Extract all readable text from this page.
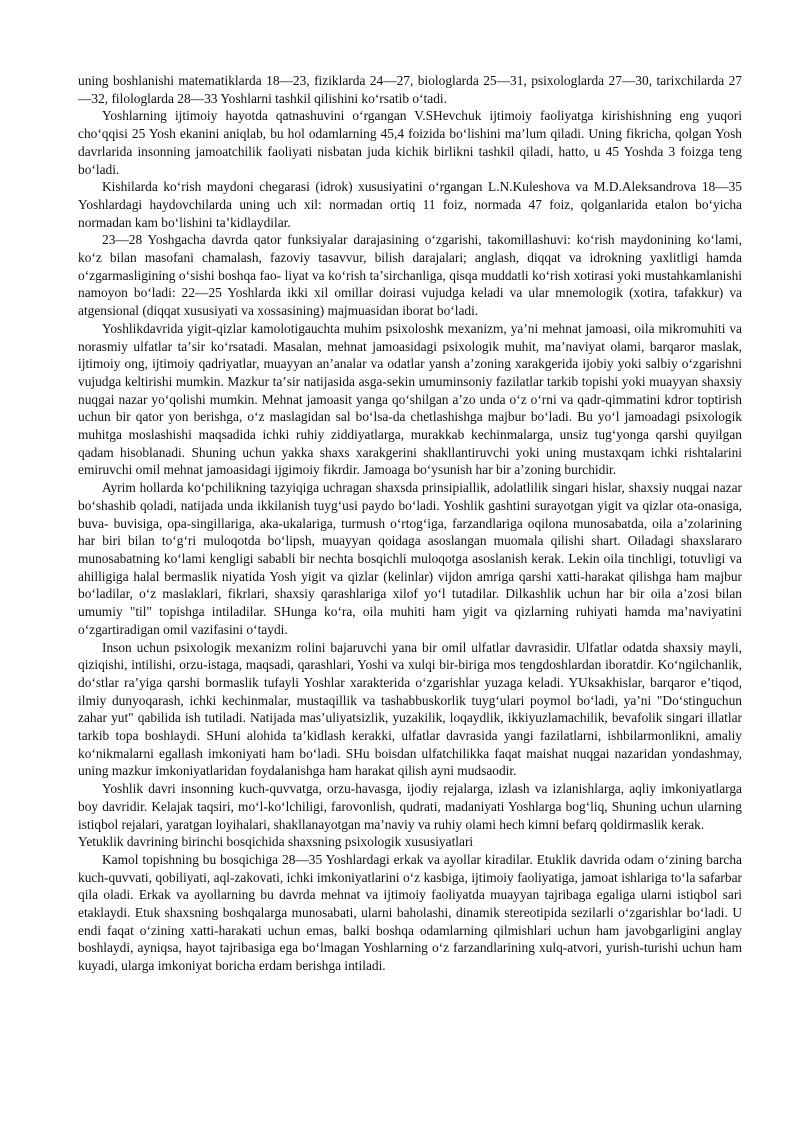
uning boshlanishi matematiklarda 18—23, fiziklarda 24—27, biologlarda 25—31, psixologlarda 27—30, tarixchilarda 27—32, filologlarda 28—33 Yoshlarni tashkil qilishini koʻrsatib oʻtadi.

Yoshlarning ijtimoiy hayotda qatnashuvini oʻrgangan V.SHevchuk ijtimoiy faoliyatga kirishishning eng yuqori choʻqqisi 25 Yosh ekanini aniqlab, bu hol odamlarning 45,4 foizida boʻlishini maʼlum qiladi. Uning fikricha, qolgan Yosh davrlarida insonning jamoatchilik faoliyati nisbatan juda kichik birlikni tashkil qiladi, hatto, u 45 Yoshda 3 foizga teng boʻladi.

Kishilarda koʻrish maydoni chegarasi (idrok) xususiyatini oʻrgangan L.N.Kuleshova va M.D.Aleksandrova 18—35 Yoshlardagi haydovchilarda uning uch xil: normadan ortiq 11 foiz, normada 47 foiz, qolganlarida etalon boʻyicha normadan kam boʻlishini taʼkidlaydilar.

23—28 Yoshgacha davrda qator funksiyalar darajasining oʻzgarishi, takomillashuvi: koʻrish maydonining koʻlami, koʻz bilan masofani chamalash, fazoviy tasavvur, bilish darajalari; anglash, diqqat va idrokning yaxlitligi hamda oʻzgarmasligining oʻsishi boshqa fao- liyat va koʻrish taʼsirchanliga, qisqa muddatli koʻrish xotirasi yoki mustahkamlanishi namoyon boʻladi: 22—25 Yoshlarda ikki xil omillar doirasi vujudga keladi va ular mnemologik (xotira, tafakkur) va atgensional (diqqat xususiyati va xossasining) majmuasidan iborat boʻladi.

Yoshlikdavrida yigit-qizlar kamolotigauchta muhim psixoloshk mexanizm, yaʼni mehnat jamoasi, oila mikromuhiti va norasmiy ulfatlar taʼsir koʻrsatadi. Masalan, mehnat jamoasidagi psixologik muhit, maʼnaviyat olami, barqaror maslak, ijtimoiy ong, ijtimoiy qadriyatlar, muayyan anʼanalar va odatlar yansh aʼzoning xarakgerida ijobiy yoki salbiy oʻzgarishni vujudga keltirishi mumkin. Mazkur taʼsir natijasida asga-sekin umuminsoniy fazilatlar tarkib topishi yoki muayyan shaxsiy nuqgai nazar yoʻqolishi mumkin. Mehnat jamoasit yanga qoʻshilgan aʼzo unda oʻz oʻrni va qadr-qimmatini kdror toptirish uchun bir qator yon berishga, oʻz maslagidan sal boʻlsa-da chetlashishga majbur boʻladi. Bu yoʻl jamoadagi psixologik muhitga moslashishi maqsadida ichki ruhiy ziddiyatlarga, murakkab kechinmalarga, unsiz tugʻyonga qarshi quyilgan qadam hisoblanadi. Shuning uchun yakka shaxs xarakgerini shakllantiruvchi yoki uning mustaxqam ichki rishtalarini emiruvchi omil mehnat jamoasidagi ijgimoiy fikrdir. Jamoaga boʻysunish har bir aʼzoning burchidir.

Ayrim hollarda koʻpchilikning tazyiqiga uchragan shaxsda prinsipiallik, adolatlilik singari hislar, shaxsiy nuqgai nazar boʻshashib qoladi, natijada unda ikkilanish tuygʻusi paydo boʻladi. Yoshlik gashtini surayotgan yigit va qizlar ota-onasiga, buva- buvisiga, opa-singillariga, aka-ukalariga, turmush oʻrtogʻiga, farzandlariga oqilona munosabatda, oila aʼzolarining har biri bilan toʻgʻri muloqotda boʻlipsh, muayyan qoidaga asoslangan muomala qilishi shart. Oiladagi shaxslararo munosabatning koʻlami kengligi sababli bir nechta bosqichli muloqotga asoslanish kerak. Lekin oila tinchligi, totuvligi va ahilligiga halal bermaslik niyatida Yosh yigit va qizlar (kelinlar) vijdon amriga qarshi xatti-harakat qilishga ham majbur boʻladilar, oʻz maslaklari, fikrlari, shaxsiy qarashlariga xilof yoʻl tutadilar. Dilkashlik uchun har bir oila aʼzosi bilan umumiy "til" topishga intiladilar. SHunga koʻra, oila muhiti ham yigit va qizlarning ruhiyati hamda maʼnaviyatini oʻzgartiradigan omil vazifasini oʻtaydi.

Inson uchun psixologik mexanizm rolini bajaruvchi yana bir omil ulfatlar davrasidir. Ulfatlar odatda shaxsiy mayli, qiziqishi, intilishi, orzu-istaga, maqsadi, qarashlari, Yoshi va xulqi bir-biriga mos tengdoshlardan iboratdir. Koʻngilchanlik, doʻstlar raʼyiga qarshi bormaslik tufayli Yoshlar xarakterida oʻzgarishlar yuzaga keladi. YUksakhislar, barqaror eʼtiqod, ilmiy dunyoqarash, ichki kechinmalar, mustaqillik va tashabbuskorlik tuygʻulari poymol boʻladi, yaʼni "Doʻstinguchun zahar yut" qabilida ish tutiladi. Natijada masʼuliyatsizlik, yuzakilik, loqaydlik, ikkiyuzlamachilik, bevafolik singari illatlar tarkib topa boshlaydi. SHuni alohida taʼkidlash kerakki, ulfatlar davrasida yangi fazilatlarni, ishbilarmonlikni, amaliy koʻnikmalarni egallash imkoniyati ham boʻladi. SHu boisdan ulfatchilikka faqat maishat nuqgai nazaridan yondashmay, uning mazkur imkoniyatlaridan foydalanishga ham harakat qilish ayni mudsaodir.

Yoshlik davri insonning kuch-quvvatga, orzu-havasga, ijodiy rejalarga, izlash va izlanishlarga, aqliy imkoniyatlarga boy davridir. Kelajak taqsiri, moʻl-koʻlchiligi, farovonlish, qudrati, madaniyati Yoshlarga bogʻliq, Shuning uchun ularning istiqbol rejalari, yaratgan loyihalari, shakllanayotgan maʼnaviy va ruhiy olami hech kimni befarq qoldirmaslik kerak.

Yetuklik davrining birinchi bosqichida shaxsning psixologik xususiyatlari

Kamol topishning bu bosqichiga 28—35 Yoshlardagi erkak va ayollar kiradilar. Etuklik davrida odam oʻzining barcha kuch-quvvati, qobiliyati, aql-zakovati, ichki imkoniyatlarini oʻz kasbiga, ijtimoiy faoliyatiga, jamoat ishlariga toʻla safarbar qila oladi. Erkak va ayollarning bu davrda mehnat va ijtimoiy faoliyatda muayyan tajribaga egaliga ularni istiqbol sari etaklaydi. Etuk shaxsning boshqalarga munosabati, ularni baholashi, dinamik stereotipida sezilarli oʻzgarishlar boʻladi. U endi faqat oʻzining xatti-harakati uchun emas, balki boshqa odamlarning qilmishlari uchun ham javobgarligini anglay boshlaydi, ayniqsa, hayot tajribasiga ega boʻlmagan Yoshlarning oʻz farzandlarining xulq-atvori, yurish-turishi uchun ham kuyadi, ularga imkoniyat boricha erdam berishga intiladi.
